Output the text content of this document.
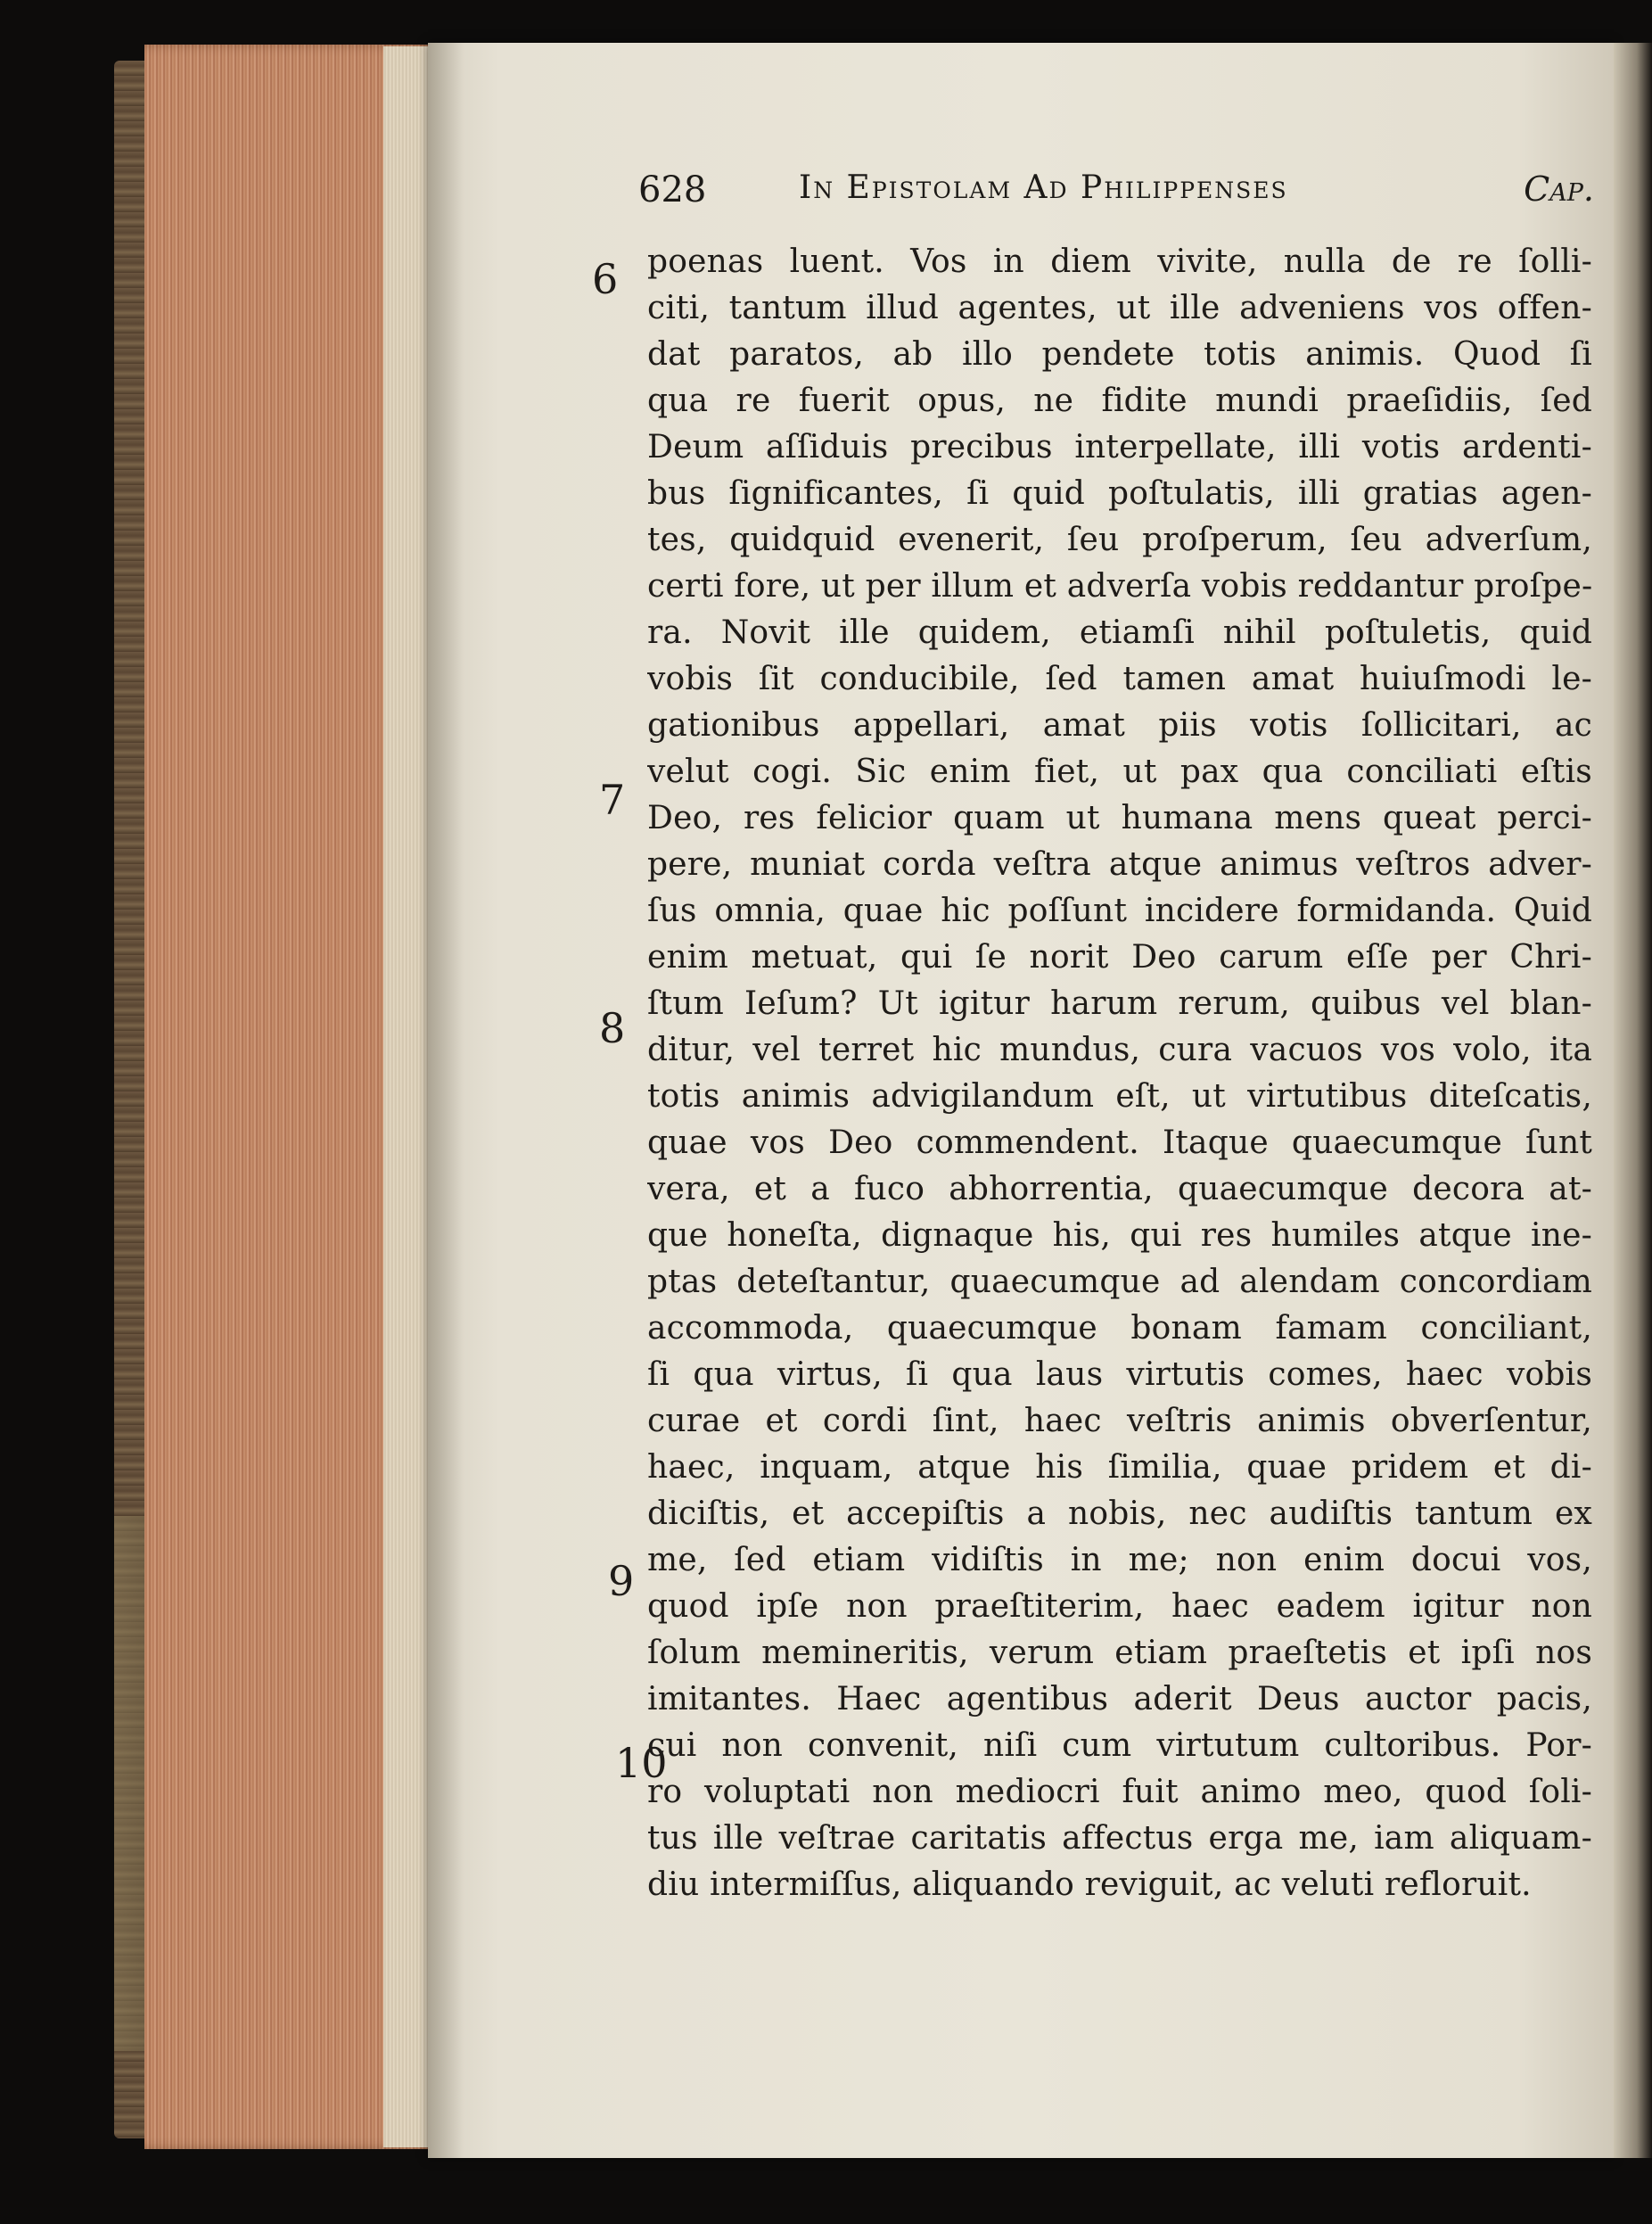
628	In Epistolam Ad Philippenses	Cap.
6
7
8
9
10
poenas luent. Vos in diem vivite, nulla de re ſolli-
citi, tantum illud agentes, ut ille adveniens vos offen-
dat paratos, ab illo pendete totis animis. Quod ſi
qua re fuerit opus, ne fidite mundi praeſidiis, ſed
Deum aſſiduis precibus interpellate, illi votis ardenti-
bus ſignificantes, ſi quid poſtulatis, illi gratias agen-
tes, quidquid evenerit, ſeu proſperum, ſeu adverſum,
certi fore, ut per illum et adverſa vobis reddantur proſpe-
ra. Novit ille quidem, etiamſi nihil poſtuletis, quid
vobis ſit conducibile, ſed tamen amat huiuſmodi le-
gationibus appellari, amat piis votis ſollicitari, ac
velut cogi. Sic enim fiet, ut pax qua conciliati eſtis
Deo, res felicior quam ut humana mens queat perci-
pere, muniat corda veſtra atque animus veſtros adver-
ſus omnia, quae hic poſſunt incidere formidanda. Quid
enim metuat, qui ſe norit Deo carum eſſe per Chri-
ſtum Ieſum? Ut igitur harum rerum, quibus vel blan-
ditur, vel terret hic mundus, cura vacuos vos volo, ita
totis animis advigilandum eſt, ut virtutibus diteſcatis,
quae vos Deo commendent. Itaque quaecumque ſunt
vera, et a fuco abhorrentia, quaecumque decora at-
que honeſta, dignaque his, qui res humiles atque ine-
ptas deteſtantur, quaecumque ad alendam concordiam
accommoda, quaecumque bonam famam conciliant,
ſi qua virtus, ſi qua laus virtutis comes, haec vobis
curae et cordi ſint, haec veſtris animis obverſentur,
haec, inquam, atque his ſimilia, quae pridem et di-
diciſtis, et accepiſtis a nobis, nec audiſtis tantum ex
me, ſed etiam vidiſtis in me; non enim docui vos,
quod ipſe non praeſtiterim, haec eadem igitur non
ſolum memineritis, verum etiam praeſtetis et ipſi nos
imitantes. Haec agentibus aderit Deus auctor pacis,
cui non convenit, niſi cum virtutum cultoribus. Por-
ro voluptati non mediocri fuit animo meo, quod ſoli-
tus ille veſtrae caritatis affectus erga me, iam aliquam-
diu intermiſſus, aliquando reviguit, ac veluti refloruit.
